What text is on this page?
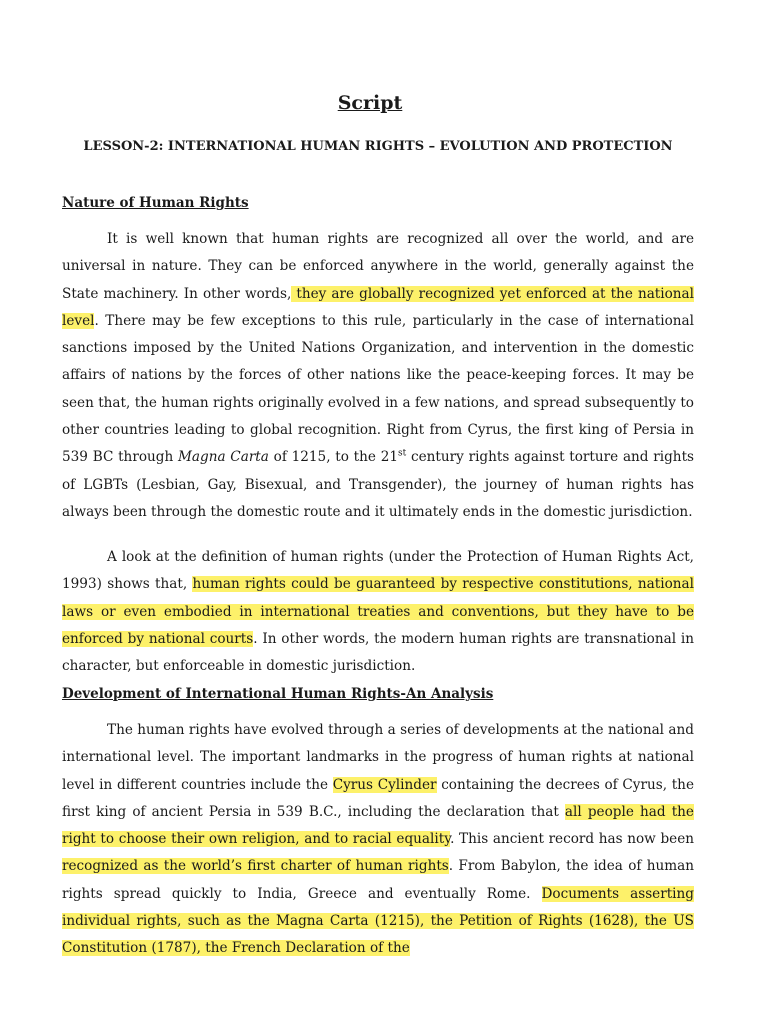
Script
LESSON-2: INTERNATIONAL HUMAN RIGHTS – EVOLUTION AND PROTECTION
Nature of Human Rights

It is well known that human rights are recognized all over the world, and are universal in nature. They can be enforced anywhere in the world, generally against the State machinery. In other words, they are globally recognized yet enforced at the national level. There may be few exceptions to this rule, particularly in the case of international sanctions imposed by the United Nations Organization, and intervention in the domestic affairs of nations by the forces of other nations like the peace-keeping forces. It may be seen that, the human rights originally evolved in a few nations, and spread subsequently to other countries leading to global recognition. Right from Cyrus, the first king of Persia in 539 BC through Magna Carta of 1215, to the 21st century rights against torture and rights of LGBTs (Lesbian, Gay, Bisexual, and Transgender), the journey of human rights has always been through the domestic route and it ultimately ends in the domestic jurisdiction.

A look at the definition of human rights (under the Protection of Human Rights Act, 1993) shows that, human rights could be guaranteed by respective constitutions, national laws or even embodied in international treaties and conventions, but they have to be enforced by national courts. In other words, the modern human rights are transnational in character, but enforceable in domestic jurisdiction.

Development of International Human Rights-An Analysis

The human rights have evolved through a series of developments at the national and international level. The important landmarks in the progress of human rights at national level in different countries include the Cyrus Cylinder containing the decrees of Cyrus, the first king of ancient Persia in 539 B.C., including the declaration that all people had the right to choose their own religion, and to racial equality. This ancient record has now been recognized as the world’s first charter of human rights. From Babylon, the idea of human rights spread quickly to India, Greece and eventually Rome. Documents asserting individual rights, such as the Magna Carta (1215), the Petition of Rights (1628), the US Constitution (1787), the French Declaration of the
